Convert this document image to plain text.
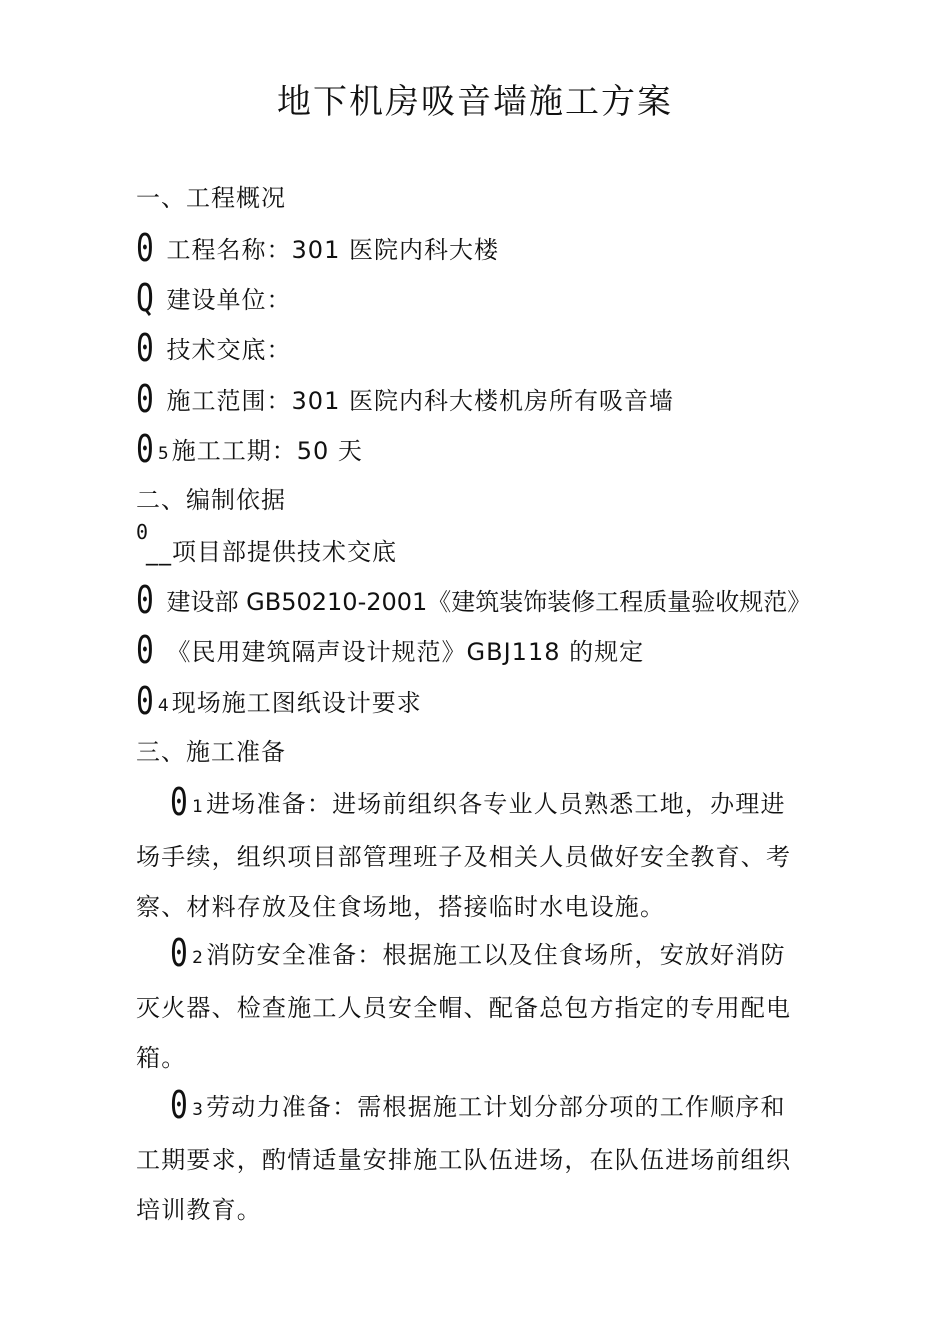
地下机房吸音墙施工方案
一、工程概况
0 工程名称：301 医院内科大楼
Q 建设单位：
0 技术交底：
0 施工范围：301 医院内科大楼机房所有吸音墙
0 5施工工期：50 天
二、编制依据
0
__项目部提供技术交底
0 建设部 GB50210-2001《建筑装饰装修工程质量验收规范》
0 《民用建筑隔声设计规范》GBJ118 的规定
0 4现场施工图纸设计要求
三、施工准备
0 1进场准备：进场前组织各专业人员熟悉工地，办理进场手续，组织项目部管理班子及相关人员做好安全教育、考察、材料存放及住食场地，搭接临时水电设施。
0 2消防安全准备：根据施工以及住食场所，安放好消防灭火器、检查施工人员安全帽、配备总包方指定的专用配电箱。
0 3劳动力准备：需根据施工计划分部分项的工作顺序和工期要求，酌情适量安排施工队伍进场，在队伍进场前组织培训教育。
